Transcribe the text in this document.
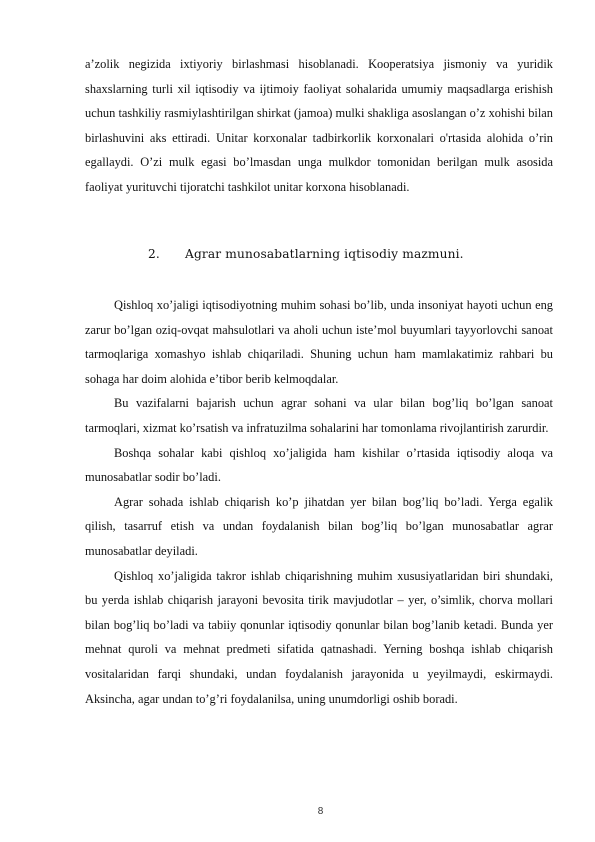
a’zolik negizida ixtiyoriy birlashmasi hisoblanadi. Kooperatsiya jismoniy va yuridik shaxslarning turli xil iqtisodiy va ijtimoiy faoliyat sohalarida umumiy maqsadlarga erishish uchun tashkiliy rasmiylashtirilgan shirkat (jamoa) mulki shakliga asoslangan o’z xohishi bilan birlashuvini aks ettiradi. Unitar korxonalar tadbirkorlik korxonalari o'rtasida alohida o’rin egallaydi. O’zi mulk egasi bo’lmasdan unga mulkdor tomonidan berilgan mulk asosida faoliyat yurituvchi tijoratchi tashkilot unitar korxona hisoblanadi.

2. Agrar munosabatlarning iqtisodiy mazmuni.

Qishloq xo’jaligi iqtisodiyotning muhim sohasi bo’lib, unda insoniyat hayoti uchun eng zarur bo’lgan oziq-ovqat mahsulotlari va aholi uchun iste’mol buyumlari tayyorlovchi sanoat tarmoqlariga xomashyo ishlab chiqariladi. Shuning uchun ham mamlakatimiz rahbari bu sohaga har doim alohida e’tibor berib kelmoqdalar.

Bu vazifalarni bajarish uchun agrar sohani va ular bilan bog’liq bo’lgan sanoat tarmoqlari, xizmat ko’rsatish va infratuzilma sohalarini har tomonlama rivojlantirish zarurdir.

Boshqa sohalar kabi qishloq xo’jaligida ham kishilar o’rtasida iqtisodiy aloqa va munosabatlar sodir bo’ladi.

Agrar sohada ishlab chiqarish ko’p jihatdan yer bilan bog’liq bo’ladi. Yerga egalik qilish, tasarruf etish va undan foydalanish bilan bog’liq bo’lgan munosabatlar agrar munosabatlar deyiladi.

Qishloq xo’jaligida takror ishlab chiqarishning muhim xususiyatlaridan biri shundaki, bu yerda ishlab chiqarish jarayoni bevosita tirik mavjudotlar – yer, o’simlik, chorva mollari bilan bog’liq bo’ladi va tabiiy qonunlar iqtisodiy qonunlar bilan bog’lanib ketadi. Bunda yer mehnat quroli va mehnat predmeti sifatida qatnashadi. Yerning boshqa ishlab chiqarish vositalaridan farqi shundaki, undan foydalanish jarayonida u yeyilmaydi, eskirmaydi. Aksincha, agar undan to’g’ri foydalanilsa, uning unumdorligi oshib boradi.

8
